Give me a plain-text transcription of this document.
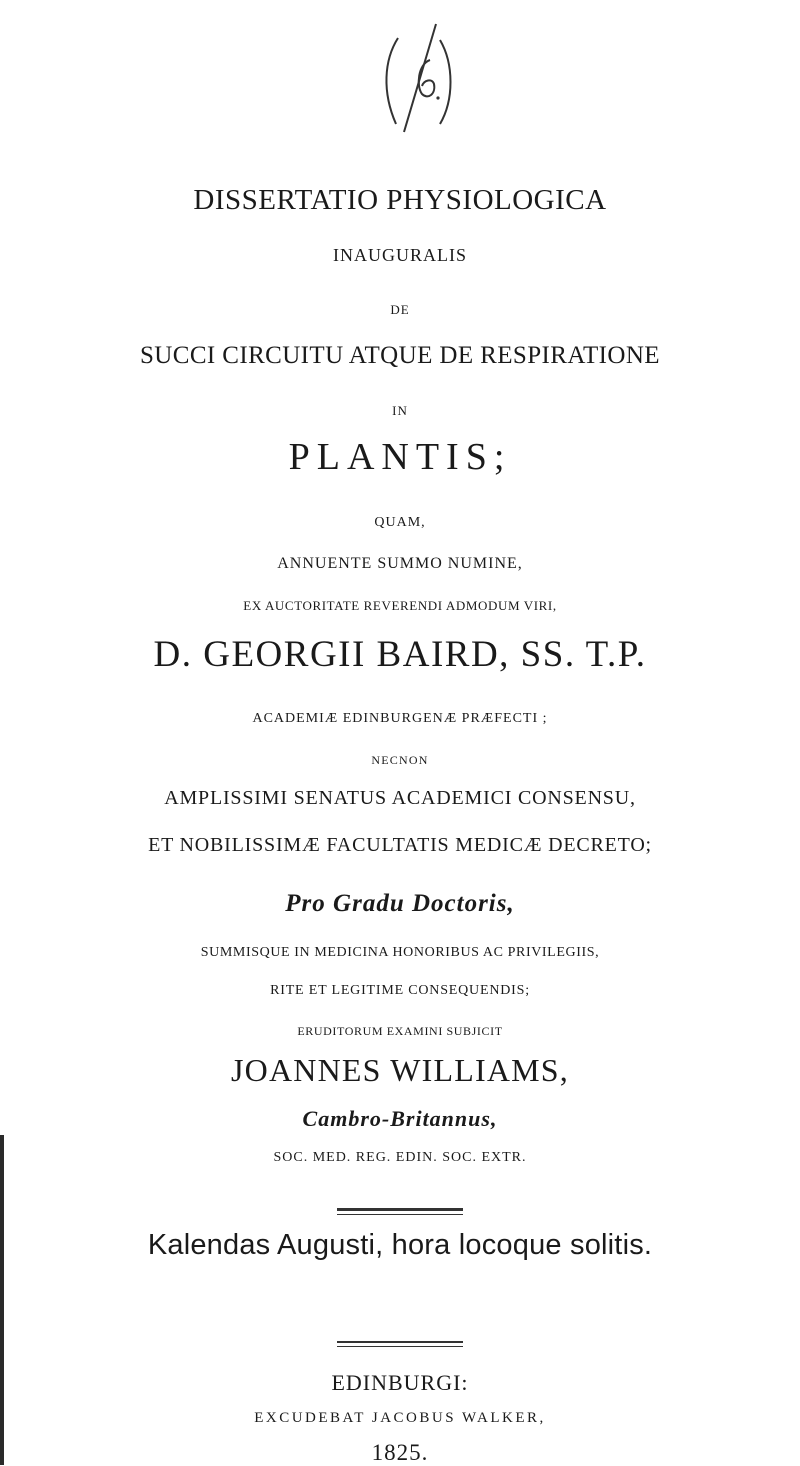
DISSERTATIO PHYSIOLOGICA
INAUGURALIS
DE
SUCCI CIRCUITU ATQUE DE RESPIRATIONE
IN
PLANTIS;
QUAM,
ANNUENTE SUMMO NUMINE,
EX AUCTORITATE REVERENDI ADMODUM VIRI,
D. GEORGII BAIRD, SS. T.P.
ACADEMIÆ EDINBURGENÆ PRÆFECTI ;
NECNON
AMPLISSIMI SENATUS ACADEMICI CONSENSU,
ET NOBILISSIMÆ FACULTATIS MEDICÆ DECRETO;
Pro Gradu Doctoris,
SUMMISQUE IN MEDICINA HONORIBUS AC PRIVILEGIIS,
RITE ET LEGITIME CONSEQUENDIS;
ERUDITORUM EXAMINI SUBJICIT
JOANNES WILLIAMS,
Cambro-Britannus,
SOC. MED. REG. EDIN. SOC. EXTR.
Kalendas Augusti, hora locoque solitis.
EDINBURGI:
EXCUDEBAT JACOBUS WALKER,
1825.
